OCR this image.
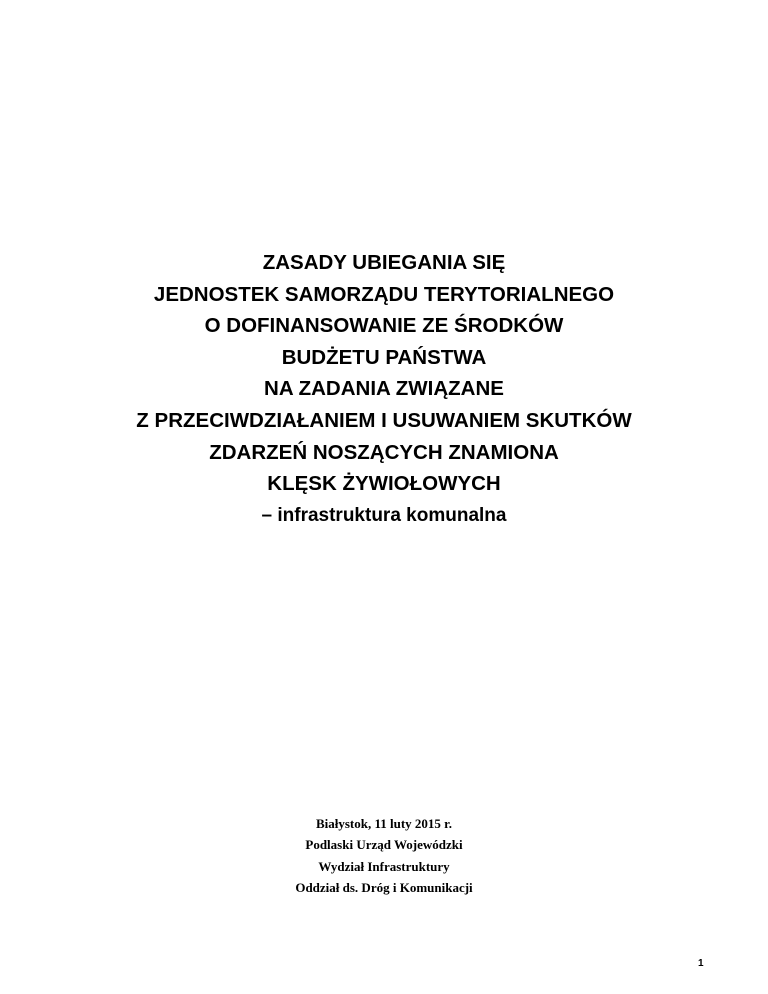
ZASADY UBIEGANIA SIĘ
JEDNOSTEK SAMORZĄDU TERYTORIALNEGO
O DOFINANSOWANIE ZE ŚRODKÓW
BUDŻETU PAŃSTWA
NA ZADANIA ZWIĄZANE
Z PRZECIWDZIAŁANIEM I USUWANIEM SKUTKÓW
ZDARZEŃ NOSZĄCYCH ZNAMIONA
KLĘSK ŻYWIOŁOWYCH
– infrastruktura komunalna
Białystok, 11 luty 2015 r.
Podlaski Urząd Wojewódzki
Wydział Infrastruktury
Oddział ds. Dróg i Komunikacji
1
